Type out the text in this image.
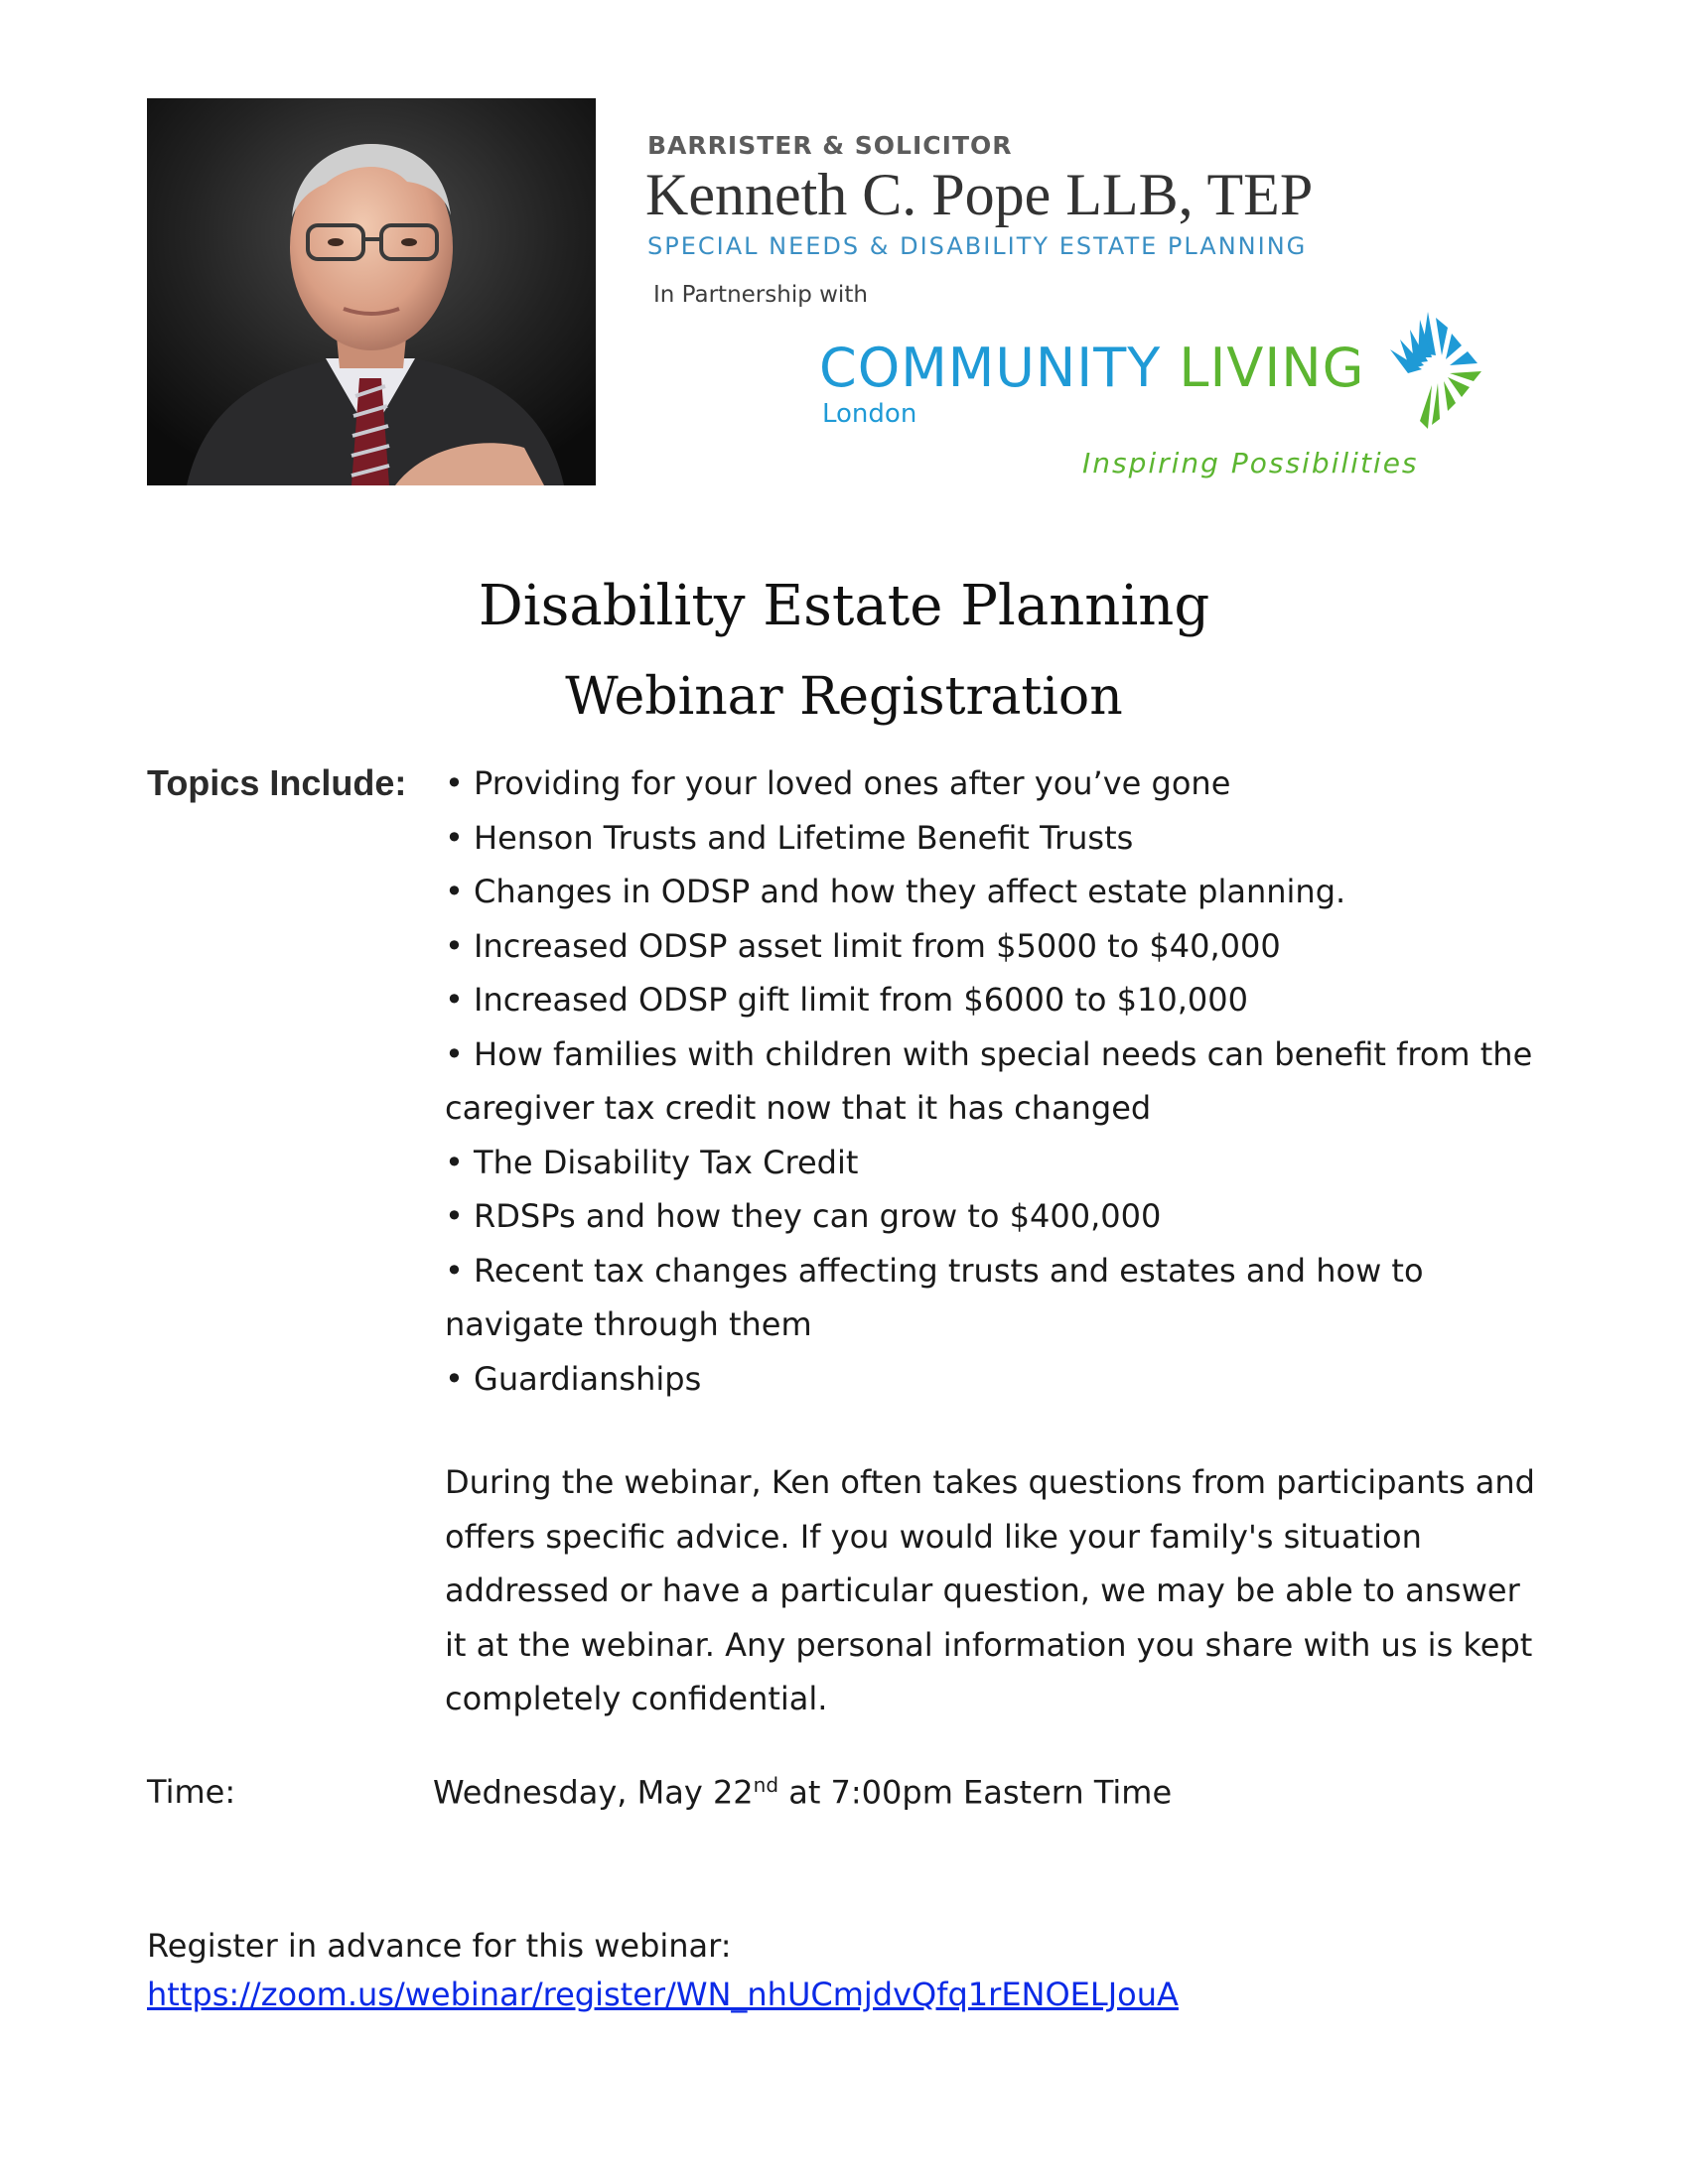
BARRISTER & SOLICITOR
Kenneth C. Pope LLB, TEP
SPECIAL NEEDS & DISABILITY ESTATE PLANNING
In Partnership with
COMMUNITY LIVING
London
Inspiring Possibilities
Disability Estate Planning
Webinar Registration
Topics Include: • Providing for your loved ones after you’ve gone

• Henson Trusts and Lifetime Benefit Trusts

• Changes in ODSP and how they affect estate planning.

• Increased ODSP asset limit from $5000 to $40,000

• Increased ODSP gift limit from $6000 to $10,000

• How families with children with special needs can benefit from the caregiver tax credit now that it has changed

• The Disability Tax Credit

• RDSPs and how they can grow to $400,000

• Recent tax changes affecting trusts and estates and how to navigate through them

• Guardianships

During the webinar, Ken often takes questions from participants and offers specific advice. If you would like your family's situation addressed or have a particular question, we may be able to answer it at the webinar. Any personal information you share with us is kept completely confidential.

Time:	Wednesday, May 22nd at 7:00pm Eastern Time
Register in advance for this webinar:
https://zoom.us/webinar/register/WN_nhUCmjdvQfq1rENOELJouA
